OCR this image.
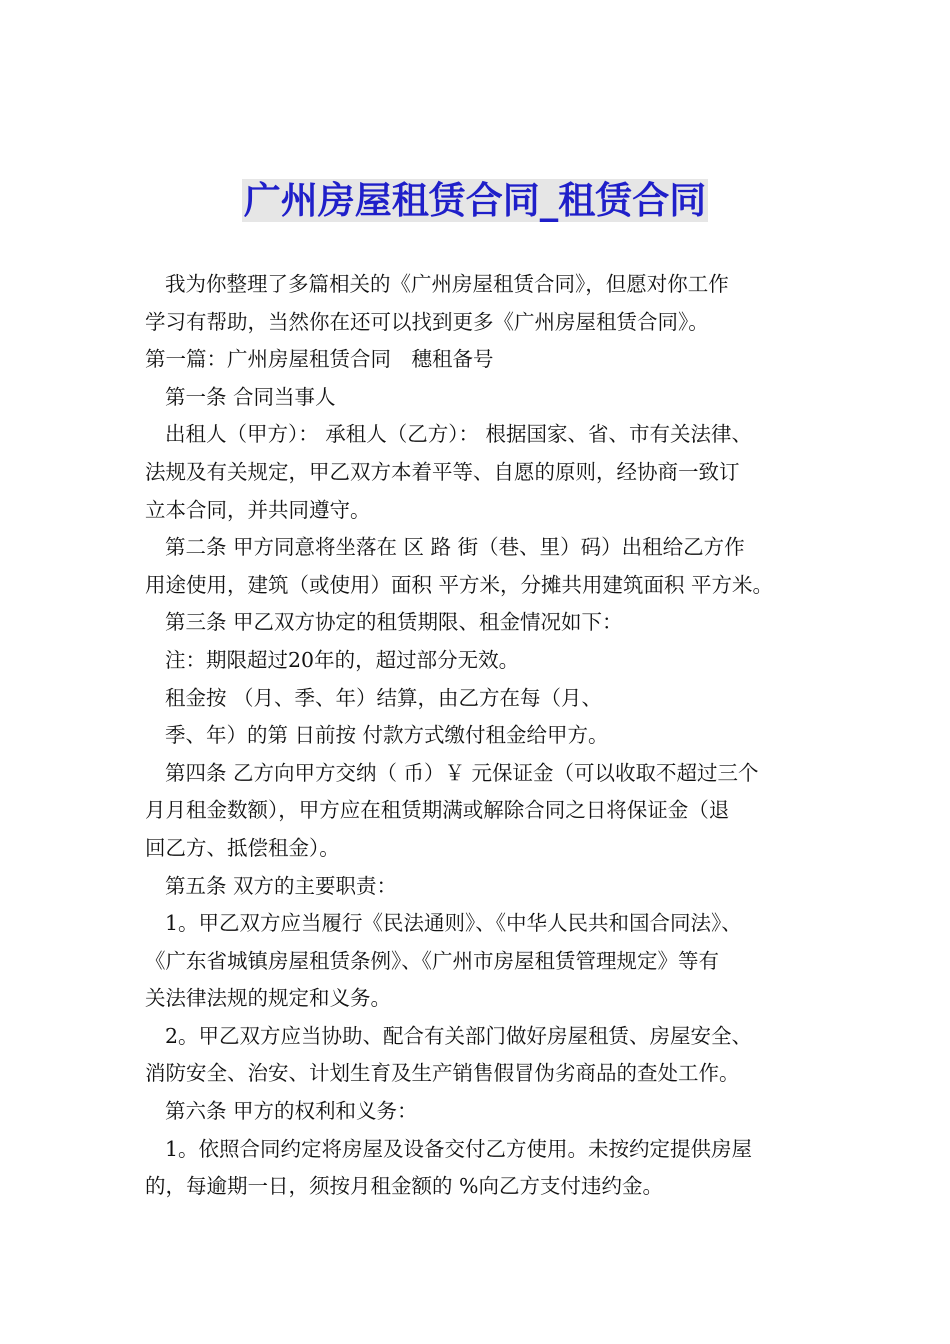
广州房屋租赁合同_租赁合同
我为你整理了多篇相关的《广州房屋租赁合同》，但愿对你工作
学习有帮助，当然你在还可以找到更多《广州房屋租赁合同》。
第一篇：广州房屋租赁合同　穗租备号
第一条 合同当事人
出租人（甲方）： 承租人（乙方）： 根据国家、省、市有关法律、
法规及有关规定，甲乙双方本着平等、自愿的原则，经协商一致订
立本合同，并共同遵守。
第二条 甲方同意将坐落在 区 路 街（巷、里）码）出租给乙方作
用途使用，建筑（或使用）面积 平方米，分摊共用建筑面积 平方米。
第三条 甲乙双方协定的租赁期限、租金情况如下：
注：期限超过20年的，超过部分无效。
租金按 （月、季、年）结算，由乙方在每（月、
季、年）的第 日前按 付款方式缴付租金给甲方。
第四条 乙方向甲方交纳（ 币）￥ 元保证金（可以收取不超过三个
月月租金数额），甲方应在租赁期满或解除合同之日将保证金（退
回乙方、抵偿租金）。
第五条 双方的主要职责：
1。甲乙双方应当履行《民法通则》、《中华人民共和国合同法》、
《广东省城镇房屋租赁条例》、《广州市房屋租赁管理规定》等有
关法律法规的规定和义务。
2。甲乙双方应当协助、配合有关部门做好房屋租赁、房屋安全、
消防安全、治安、计划生育及生产销售假冒伪劣商品的查处工作。
第六条 甲方的权利和义务：
1。依照合同约定将房屋及设备交付乙方使用。未按约定提供房屋
的，每逾期一日，须按月租金额的 %向乙方支付违约金。
